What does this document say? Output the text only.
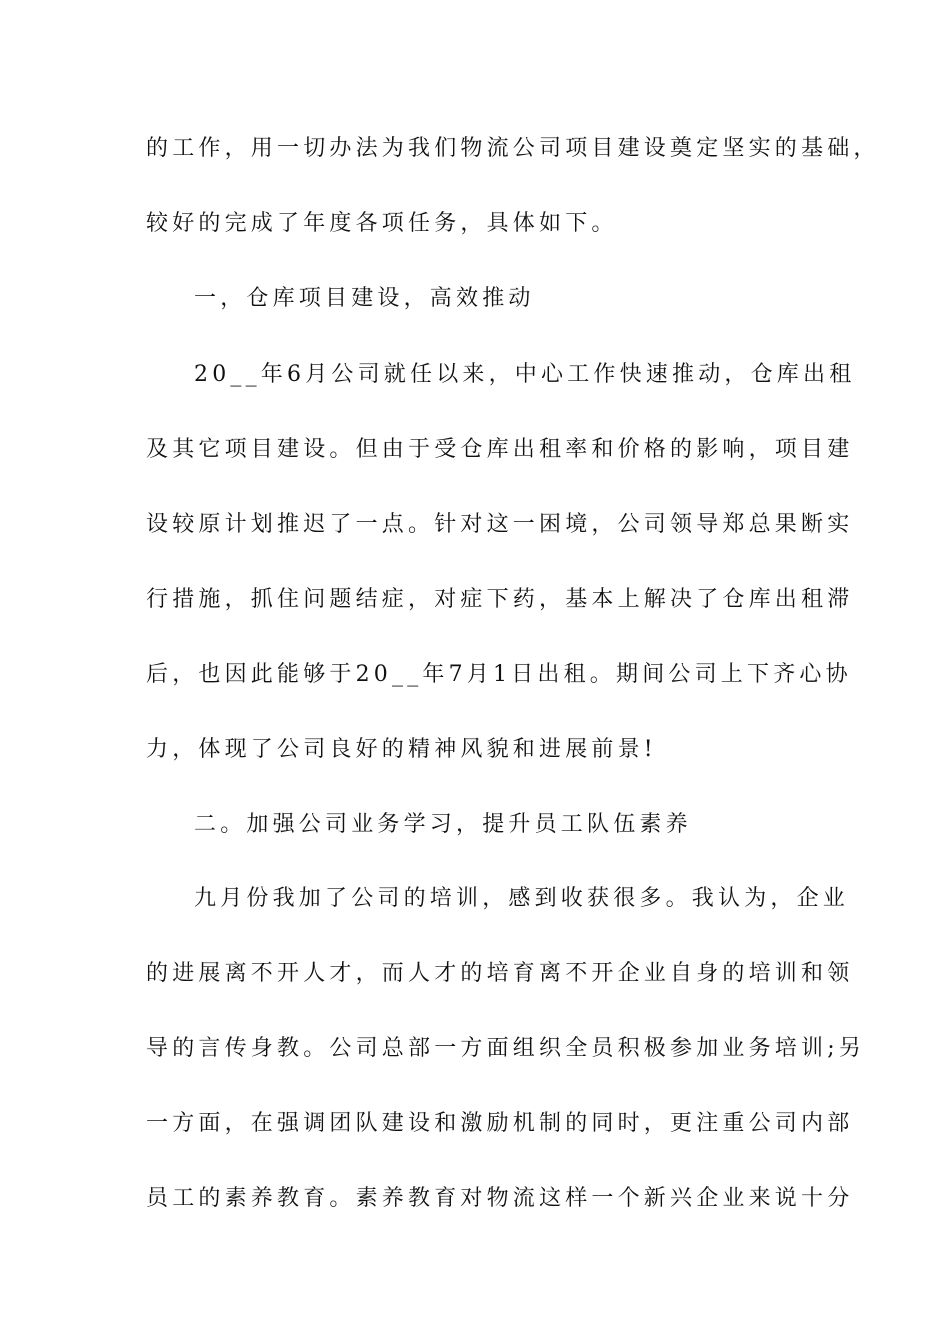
的工作，用一切办法为我们物流公司项目建设奠定坚实的基础，
较好的完成了年度各项任务，具体如下。
一，仓库项目建设，高效推动
20__年6月公司就任以来，中心工作快速推动，仓库出租
及其它项目建设。但由于受仓库出租率和价格的影响，项目建
设较原计划推迟了一点。针对这一困境，公司领导郑总果断实
行措施，抓住问题结症，对症下药，基本上解决了仓库出租滞
后，也因此能够于20__年7月1日出租。期间公司上下齐心协
力，体现了公司良好的精神风貌和进展前景!
二。加强公司业务学习，提升员工队伍素养
九月份我加了公司的培训，感到收获很多。我认为，企业
的进展离不开人才，而人才的培育离不开企业自身的培训和领
导的言传身教。公司总部一方面组织全员积极参加业务培训;另
一方面，在强调团队建设和激励机制的同时，更注重公司内部
员工的素养教育。素养教育对物流这样一个新兴企业来说十分
